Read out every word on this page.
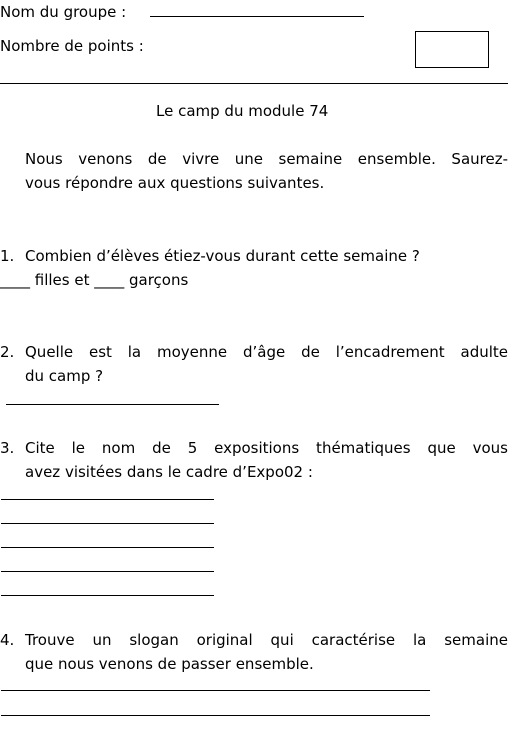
Nom du groupe :
Nombre de points :
Le camp du module 74
Nous venons de vivre une semaine ensemble. Saurez-
vous répondre aux questions suivantes.
1. Combien d’élèves étiez-vous durant cette semaine ?
____ filles et ____ garçons
2. Quelle est la moyenne d’âge de l’encadrement adulte
du camp ?
3. Cite le nom de 5 expositions thématiques que vous
avez visitées dans le cadre d’Expo02 :
4. Trouve un slogan original qui caractérise la semaine
que nous venons de passer ensemble.
